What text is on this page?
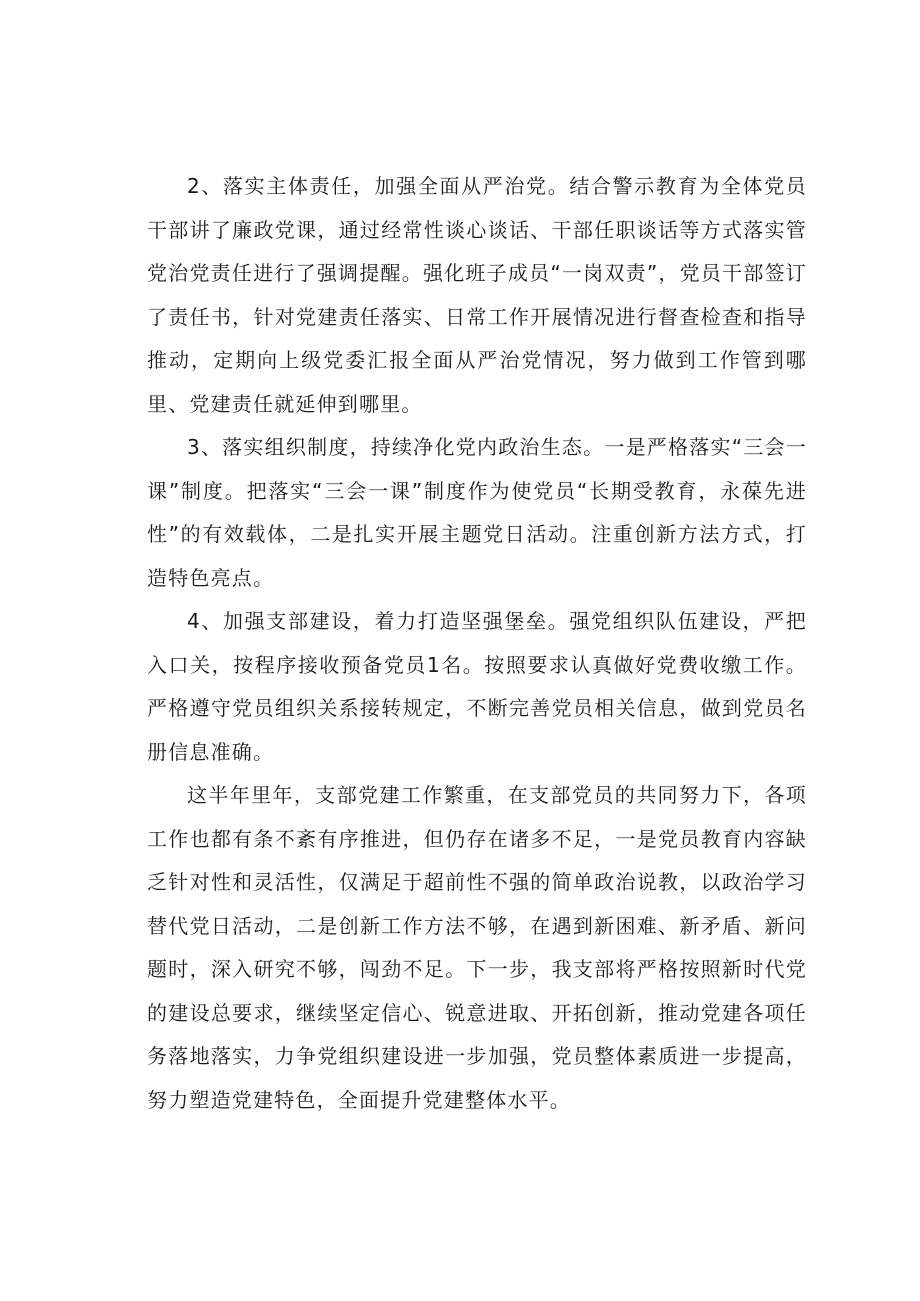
2、落实主体责任，加强全面从严治党。结合警示教育为全体党员干部讲了廉政党课，通过经常性谈心谈话、干部任职谈话等方式落实管党治党责任进行了强调提醒。强化班子成员“一岗双责”，党员干部签订了责任书，针对党建责任落实、日常工作开展情况进行督查检查和指导推动，定期向上级党委汇报全面从严治党情况，努力做到工作管到哪里、党建责任就延伸到哪里。

3、落实组织制度，持续净化党内政治生态。一是严格落实“三会一课”制度。把落实“三会一课”制度作为使党员“长期受教育，永葆先进性”的有效载体，二是扎实开展主题党日活动。注重创新方法方式，打造特色亮点。

4、加强支部建设，着力打造坚强堡垒。强党组织队伍建设，严把入口关，按程序接收预备党员1名。按照要求认真做好党费收缴工作。严格遵守党员组织关系接转规定，不断完善党员相关信息，做到党员名册信息准确。

这半年里年，支部党建工作繁重，在支部党员的共同努力下，各项工作也都有条不紊有序推进，但仍存在诸多不足，一是党员教育内容缺乏针对性和灵活性，仅满足于超前性不强的简单政治说教，以政治学习替代党日活动，二是创新工作方法不够，在遇到新困难、新矛盾、新问题时，深入研究不够，闯劲不足。下一步，我支部将严格按照新时代党的建设总要求，继续坚定信心、锐意进取、开拓创新，推动党建各项任务落地落实，力争党组织建设进一步加强，党员整体素质进一步提高，努力塑造党建特色，全面提升党建整体水平。
